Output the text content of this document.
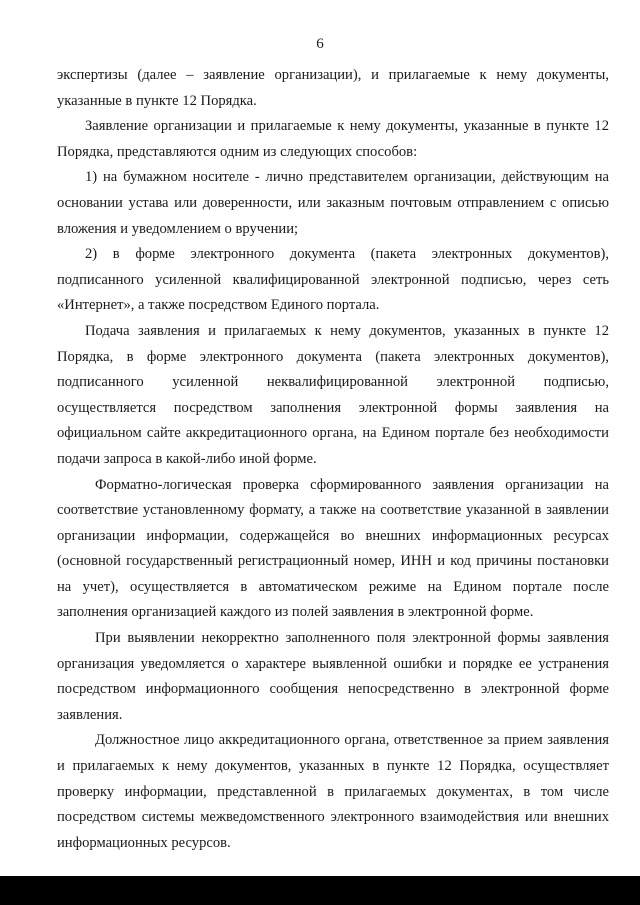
6

экспертизы (далее – заявление организации), и прилагаемые к нему документы, указанные в пункте 12 Порядка.

Заявление организации и прилагаемые к нему документы, указанные в пункте 12 Порядка, представляются одним из следующих способов:

1) на бумажном носителе - лично представителем организации, действующим на основании устава или доверенности, или заказным почтовым отправлением с описью вложения и уведомлением о вручении;

2) в форме электронного документа (пакета электронных документов), подписанного усиленной квалифицированной электронной подписью, через сеть «Интернет», а также посредством Единого портала.

Подача заявления и прилагаемых к нему документов, указанных в пункте 12 Порядка, в форме электронного документа (пакета электронных документов), подписанного усиленной неквалифицированной электронной подписью, осуществляется посредством заполнения электронной формы заявления на официальном сайте аккредитационного органа, на Едином портале без необходимости подачи запроса в какой-либо иной форме.

Форматно-логическая проверка сформированного заявления организации на соответствие установленному формату, а также на соответствие указанной в заявлении организации информации, содержащейся во внешних информационных ресурсах (основной государственный регистрационный номер, ИНН и код причины постановки на учет), осуществляется в автоматическом режиме на Едином портале после заполнения организацией каждого из полей заявления в электронной форме.

При выявлении некорректно заполненного поля электронной формы заявления организация уведомляется о характере выявленной ошибки и порядке ее устранения посредством информационного сообщения непосредственно в электронной форме заявления.

Должностное лицо аккредитационного органа, ответственное за прием заявления и прилагаемых к нему документов, указанных в пункте 12 Порядка, осуществляет проверку информации, представленной в прилагаемых документах, в том числе посредством системы межведомственного электронного взаимодействия или внешних информационных ресурсов.
